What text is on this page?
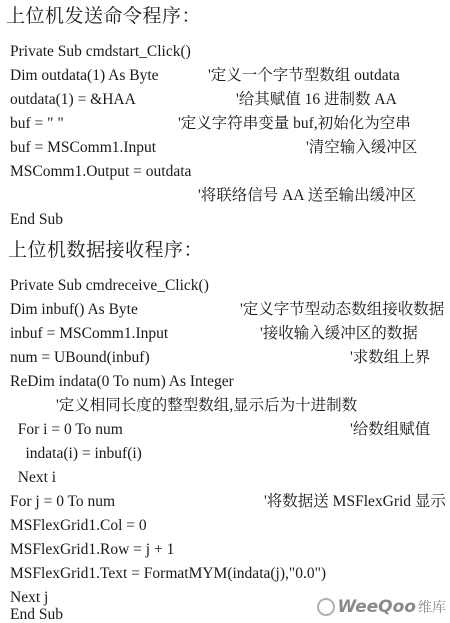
上位机发送命令程序：
Private Sub cmdstart_Click()
Dim outdata(1) As Byte	'定义一个字节型数组 outdata
outdata(1) = &HAA	'给其赋值 16 进制数 AA
buf = " "	'定义字符串变量 buf,初始化为空串
buf = MSComm1.Input	'清空输入缓冲区
MSComm1.Output = outdata
'将联络信号 AA 送至输出缓冲区
End Sub
上位机数据接收程序：
Private Sub cmdreceive_Click()
Dim inbuf() As Byte	'定义字节型动态数组接收数据
inbuf = MSComm1.Input	'接收输入缓冲区的数据
num = UBound(inbuf)	'求数组上界
ReDim indata(0 To num) As Integer
'定义相同长度的整型数组,显示后为十进制数
For i = 0 To num	'给数组赋值
indata(i) = inbuf(i)
Next i
For j = 0 To num	'将数据送 MSFlexGrid 显示
MSFlexGrid1.Col = 0
MSFlexGrid1.Row = j + 1
MSFlexGrid1.Text = FormatMYM(indata(j),"0.0")
Next j
End Sub	WeeQoo 维库
